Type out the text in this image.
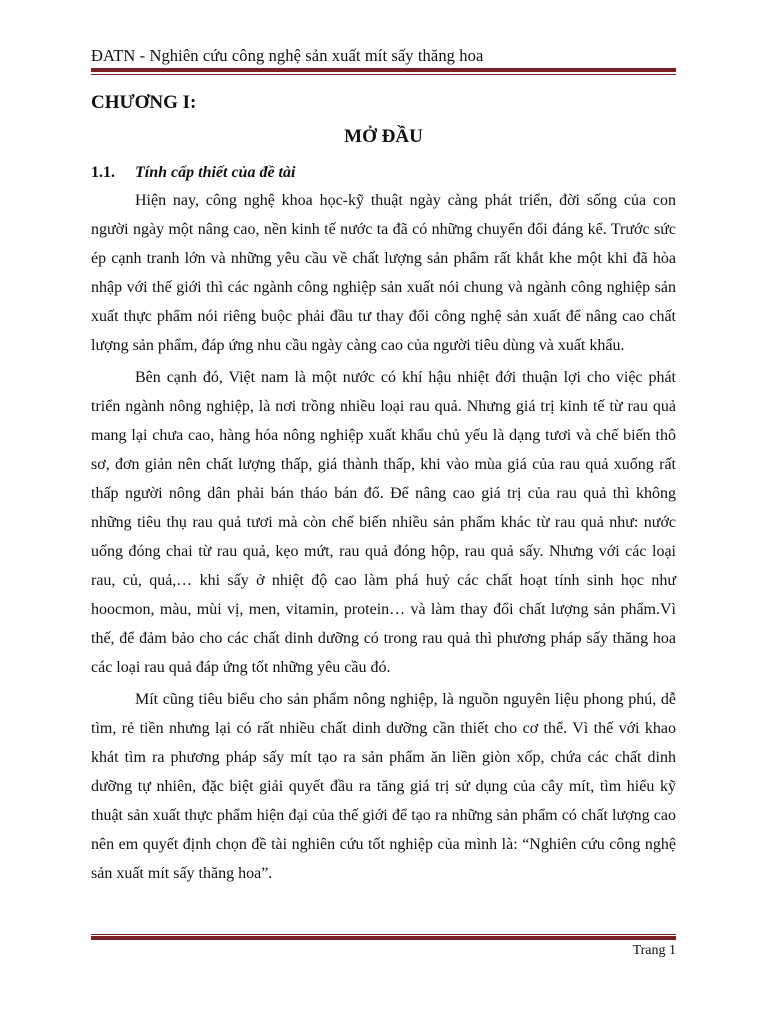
ĐATN - Nghiên cứu công nghệ sản xuất mít sấy thăng hoa
CHƯƠNG I:
MỞ ĐẦU
1.1. Tính cấp thiết của đề tài

Hiện nay, công nghệ khoa học-kỹ thuật ngày càng phát triển, đời sống của con người ngày một nâng cao, nền kinh tế nước ta đã có những chuyển đổi đáng kể. Trước sức ép cạnh tranh lớn và những yêu cầu về chất lượng sản phẩm rất khắt khe một khi đã hòa nhập với thế giới thì các ngành công nghiệp sản xuất nói chung và ngành công nghiệp sản xuất thực phẩm nói riêng buộc phải đầu tư thay đổi công nghệ sản xuất để nâng cao chất lượng sản phẩm, đáp ứng nhu cầu ngày càng cao của người tiêu dùng và xuất khẩu.

Bên cạnh đó, Việt nam là một nước có khí hậu nhiệt đới thuận lợi cho việc phát triển ngành nông nghiệp, là nơi trồng nhiều loại rau quả. Nhưng giá trị kinh tế từ rau quả mang lại chưa cao, hàng hóa nông nghiệp xuất khẩu chủ yếu là dạng tươi và chế biến thô sơ, đơn giản nên chất lượng thấp, giá thành thấp, khi vào mùa giá của rau quả xuống rất thấp người nông dân phải bán tháo bán đổ. Để nâng cao giá trị của rau quả thì không những tiêu thụ rau quả tươi mà còn chế biến nhiều sản phẩm khác từ rau quả như: nước uống đóng chai từ rau quả, kẹo mứt, rau quả đóng hộp, rau quả sấy. Nhưng với các loại rau, củ, quả,… khi sấy ở nhiệt độ cao làm phá huỷ các chất hoạt tính sinh học như hoocmon, màu, mùi vị, men, vitamin, protein… và làm thay đổi chất lượng sản phẩm.Vì thế, để đảm bảo cho các chất dinh dưỡng có trong rau quả thì phương pháp sấy thăng hoa các loại rau quả đáp ứng tốt những yêu cầu đó.

Mít cũng tiêu biểu cho sản phẩm nông nghiệp, là nguồn nguyên liệu phong phú, dễ tìm, rẻ tiền nhưng lại có rất nhiều chất dinh dưỡng cần thiết cho cơ thể. Vì thế với khao khát tìm ra phương pháp sấy mít tạo ra sản phẩm ăn liền giòn xốp, chứa các chất dinh dưỡng tự nhiên, đặc biệt giải quyết đầu ra tăng giá trị sử dụng của cây mít, tìm hiểu kỹ thuật sản xuất thực phẩm hiện đại của thế giới để tạo ra những sản phẩm có chất lượng cao nên em quyết định chọn đề tài nghiên cứu tốt nghiệp của mình là: “Nghiên cứu công nghệ sản xuất mít sấy thăng hoa”.

Trang 1
